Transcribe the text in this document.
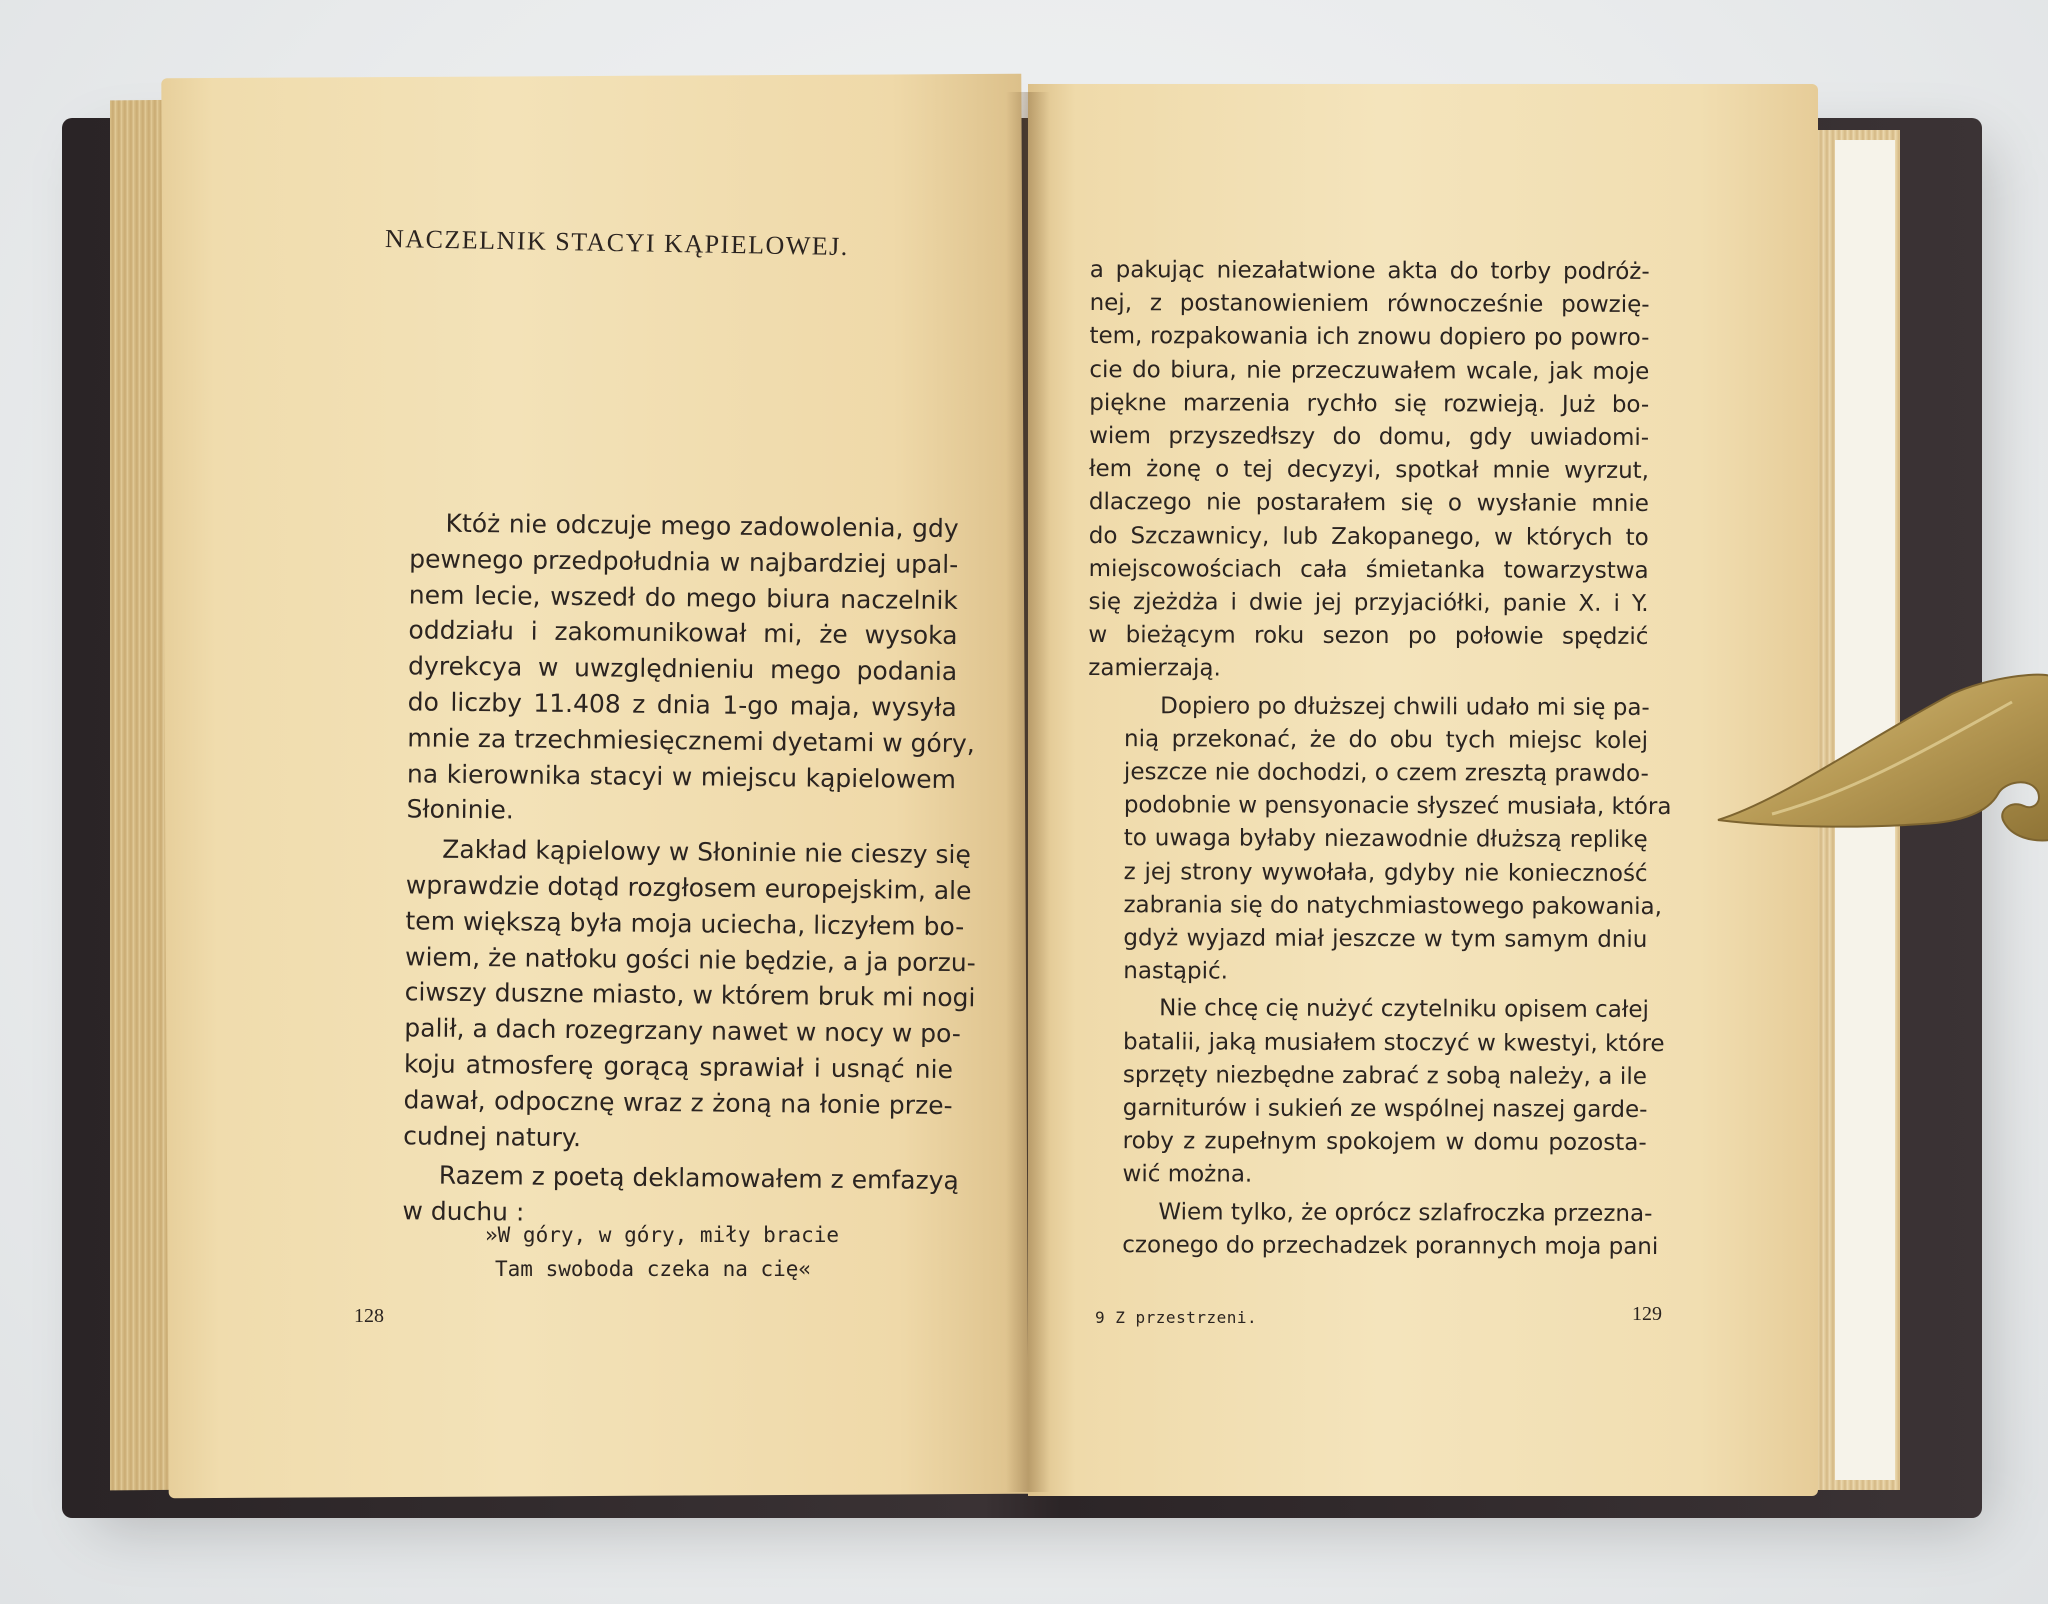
NACZELNIK STACYI KĄPIELOWEJ.
Któż nie odczuje mego zadowolenia, gdy
pewnego przedpołudnia w najbardziej upal-
nem lecie, wszedł do mego biura naczelnik
oddziału i zakomunikował mi, że wysoka
dyrekcya w uwzględnieniu mego podania
do liczby 11.408 z dnia 1-go maja, wysyła
mnie za trzechmiesięcznemi dyetami w góry,
na kierownika stacyi w miejscu kąpielowem
Słoninie.
Zakład kąpielowy w Słoninie nie cieszy się
wprawdzie dotąd rozgłosem europejskim, ale
tem większą była moja uciecha, liczyłem bo-
wiem, że natłoku gości nie będzie, a ja porzu-
ciwszy duszne miasto, w którem bruk mi nogi
palił, a dach rozegrzany nawet w nocy w po-
koju atmosferę gorącą sprawiał i usnąć nie
dawał, odpocznę wraz z żoną na łonie prze-
cudnej natury.
Razem z poetą deklamowałem z emfazyą
w duchu :
»W góry, w góry, miły bracie
Tam swoboda czeka na cię«
128
a pakując niezałatwione akta do torby podróż-
nej, z postanowieniem równocześnie powzię-
tem, rozpakowania ich znowu dopiero po powro-
cie do biura, nie przeczuwałem wcale, jak moje
piękne marzenia rychło się rozwieją. Już bo-
wiem przyszedłszy do domu, gdy uwiadomi-
łem żonę o tej decyzyi, spotkał mnie wyrzut,
dlaczego nie postarałem się o wysłanie mnie
do Szczawnicy, lub Zakopanego, w których to
miejscowościach cała śmietanka towarzystwa
się zjeżdża i dwie jej przyjaciółki, panie X. i Y.
w bieżącym roku sezon po połowie spędzić
zamierzają.
Dopiero po dłuższej chwili udało mi się pa-
nią przekonać, że do obu tych miejsc kolej
jeszcze nie dochodzi, o czem zresztą prawdo-
podobnie w pensyonacie słyszeć musiała, która
to uwaga byłaby niezawodnie dłuższą replikę
z jej strony wywołała, gdyby nie konieczność
zabrania się do natychmiastowego pakowania,
gdyż wyjazd miał jeszcze w tym samym dniu
nastąpić.
Nie chcę cię nużyć czytelniku opisem całej
batalii, jaką musiałem stoczyć w kwestyi, które
sprzęty niezbędne zabrać z sobą należy, a ile
garniturów i sukień ze wspólnej naszej garde-
roby z zupełnym spokojem w domu pozosta-
wić można.
Wiem tylko, że oprócz szlafroczka przezna-
czonego do przechadzek porannych moja pani
9 Z przestrzeni.	129
